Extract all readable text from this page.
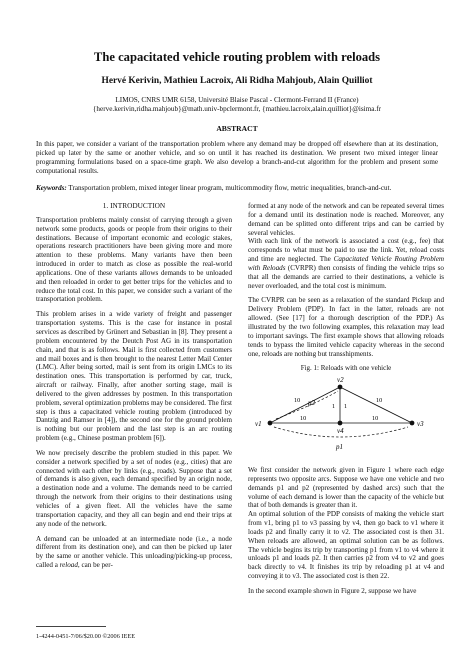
The capacitated vehicle routing problem with reloads
Hervé Kerivin, Mathieu Lacroix, Ali Ridha Mahjoub, Alain Quilliot
LIMOS, CNRS UMR 6158, Université Blaise Pascal - Clermont-Ferrand II (France)
{herve.kerivin,ridha.mahjoub}@math.univ-bpclermont.fr, {mathieu.lacroix,alain.quilliot}@isima.fr
ABSTRACT
In this paper, we consider a variant of the transportation problem where any demand may be dropped off elsewhere than at its destination, picked up later by the same or another vehicle, and so on until it has reached its destination. We present two mixed integer linear programming formulations based on a space-time graph. We also develop a branch-and-cut algorithm for the problem and present some computational results.
Keywords: Transportation problem, mixed integer linear program, multicommodity flow, metric inequalities, branch-and-cut.
1. INTRODUCTION

Transportation problems mainly consist of carrying through a given network some products, goods or people from their origins to their destinations. Because of important economic and ecologic stakes, operations research practitioners have been giving more and more attention to these problems. Many variants have then been introduced in order to match as close as possible the real-world applications. One of these variants allows demands to be unloaded and then reloaded in order to get better trips for the vehicles and to reduce the total cost. In this paper, we consider such a variant of the transportation problem.

This problem arises in a wide variety of freight and passenger transportation systems. This is the case for instance in postal services as described by Grünert and Sebastian in [8]. They present a problem encountered by the Deutch Post AG in its transportation chain, and that is as follows. Mail is first collected from customers and mail boxes and is then brought to the nearest Letter Mail Center (LMC). After being sorted, mail is sent from its origin LMCs to its destination ones. This transportation is performed by car, truck, aircraft or railway. Finally, after another sorting stage, mail is delivered to the given addresses by postmen. In this transportation problem, several optimization problems may be considered. The first step is thus a capacitated vehicle routing problem (introduced by Dantzig and Ramser in [4]), the second one for the ground problem is nothing but our problem and the last step is an arc routing problem (e.g., Chinese postman problem [6]).

We now precisely describe the problem studied in this paper. We consider a network specified by a set of nodes (e.g., cities) that are connected with each other by links (e.g., roads). Suppose that a set of demands is also given, each demand specified by an origin node, a destination node and a volume. The demands need to be carried through the network from their origins to their destinations using vehicles of a given fleet. All the vehicles have the same transportation capacity, and they all can begin and end their trips at any node of the network.

A demand can be unloaded at an intermediate node (i.e., a node different from its destination one), and can then be picked up later by the same or another vehicle. This unloading/picking-up process, called a reload, can be per-

formed at any node of the network and can be repeated several times for a demand until its destination node is reached. Moreover, any demand can be splitted onto different trips and can be carried by several vehicles.

With each link of the network is associated a cost (e.g., fee) that corresponds to what must be paid to use the link. Yet, reload costs and time are neglected. The Capacitated Vehicle Routing Problem with Reloads (CVRPR) then consists of finding the vehicle trips so that all the demands are carried to their destinations, a vehicle is never overloaded, and the total cost is minimum.

The CVRPR can be seen as a relaxation of the standard Pickup and Delivery Problem (PDP). In fact in the latter, reloads are not allowed. (See [17] for a thorough description of the PDP.) As illustrated by the two following examples, this relaxation may lead to important savings. The first example shows that allowing reloads tends to bypass the limited vehicle capacity whereas in the second one, reloads are nothing but transshipments.

Fig. 1: Reloads with one vehicle
v1
v2
v3
v4
10	10
1 1
10	10
p1
p2

We first consider the network given in Figure 1 where each edge represents two opposite arcs. Suppose we have one vehicle and two demands p1 and p2 (represented by dashed arcs) such that the volume of each demand is lower than the capacity of the vehicle but that of both demands is greater than it.

An optimal solution of the PDP consists of making the vehicle start from v1, bring p1 to v3 passing by v4, then go back to v1 where it loads p2 and finally carry it to v2. The associated cost is then 31. When reloads are allowed, an optimal solution can be as follows. The vehicle begins its trip by transporting p1 from v1 to v4 where it unloads p1 and loads p2. It then carries p2 from v4 to v2 and goes back directly to v4. It finishes its trip by reloading p1 at v4 and conveying it to v3. The associated cost is then 22.

In the second example shown in Figure 2, suppose we have

1-4244-0451-7/06/$20.00 ©2006 IEEE
